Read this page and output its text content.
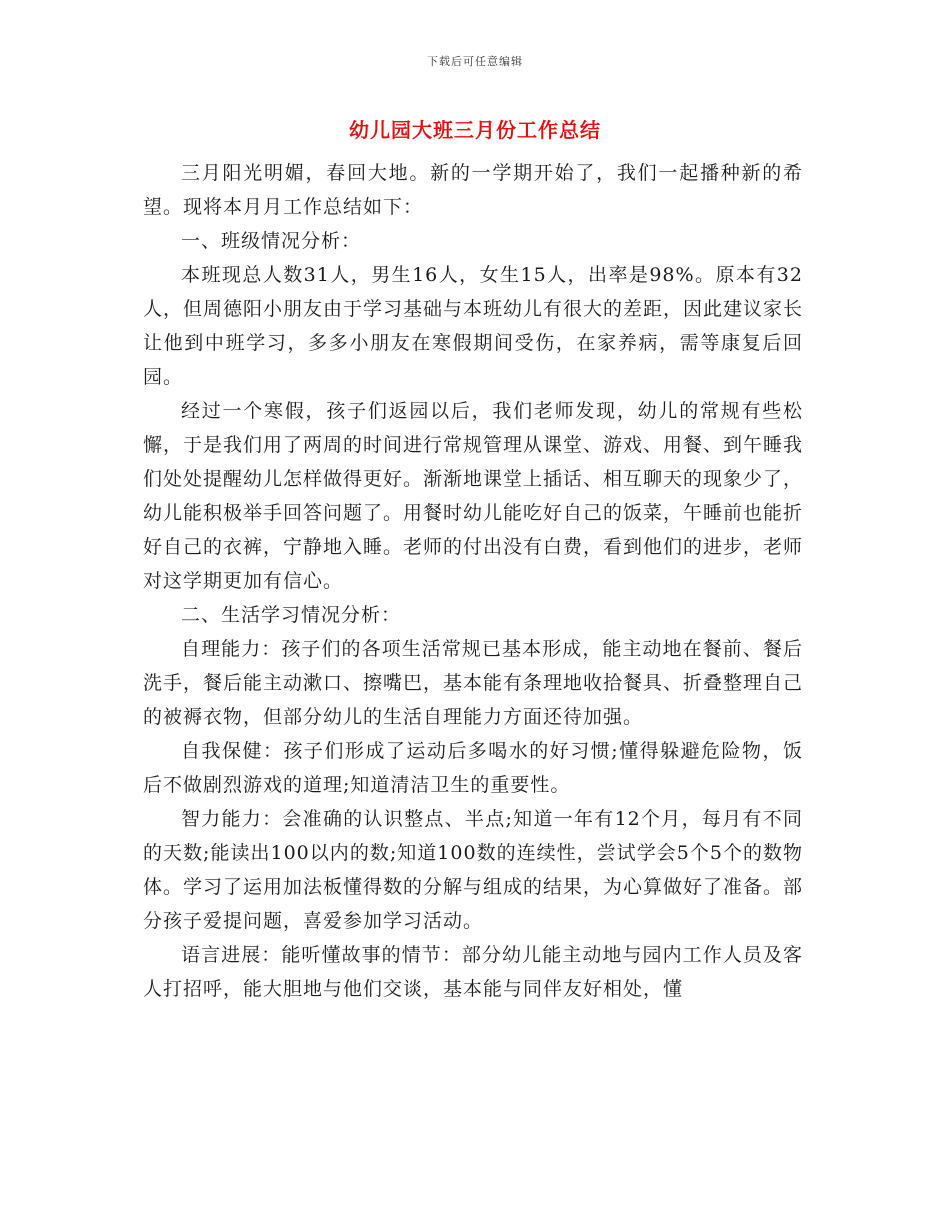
下载后可任意编辑
幼儿园大班三月份工作总结

三月阳光明媚，春回大地。新的一学期开始了，我们一起播种新的希望。现将本月月工作总结如下：

一、班级情况分析：

本班现总人数31人，男生16人，女生15人，出率是98%。原本有32人，但周德阳小朋友由于学习基础与本班幼儿有很大的差距，因此建议家长让他到中班学习，多多小朋友在寒假期间受伤，在家养病，需等康复后回园。

经过一个寒假，孩子们返园以后，我们老师发现，幼儿的常规有些松懈，于是我们用了两周的时间进行常规管理从课堂、游戏、用餐、到午睡我们处处提醒幼儿怎样做得更好。渐渐地课堂上插话、相互聊天的现象少了，幼儿能积极举手回答问题了。用餐时幼儿能吃好自己的饭菜，午睡前也能折好自己的衣裤，宁静地入睡。老师的付出没有白费，看到他们的进步，老师对这学期更加有信心。

二、生活学习情况分析：

自理能力：孩子们的各项生活常规已基本形成，能主动地在餐前、餐后洗手，餐后能主动漱口、擦嘴巴，基本能有条理地收拾餐具、折叠整理自己的被褥衣物，但部分幼儿的生活自理能力方面还待加强。

自我保健：孩子们形成了运动后多喝水的好习惯;懂得躲避危险物，饭后不做剧烈游戏的道理;知道清洁卫生的重要性。

智力能力：会准确的认识整点、半点;知道一年有12个月，每月有不同的天数;能读出100以内的数;知道100数的连续性，尝试学会5个5个的数物体。学习了运用加法板懂得数的分解与组成的结果，为心算做好了准备。部分孩子爱提问题，喜爱参加学习活动。

语言进展：能听懂故事的情节：部分幼儿能主动地与园内工作人员及客人打招呼，能大胆地与他们交谈，基本能与同伴友好相处，懂
